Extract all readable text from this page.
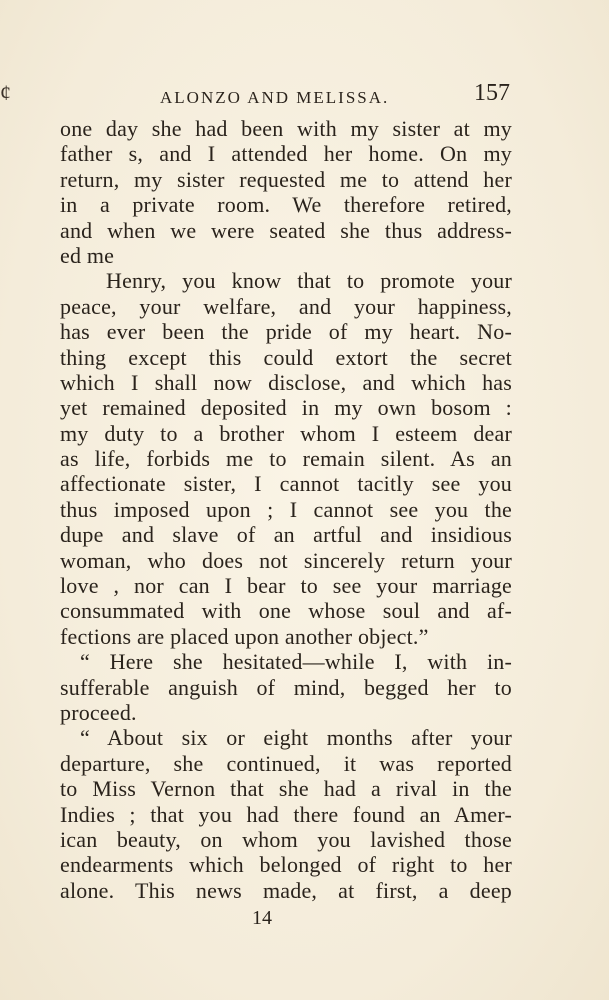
¢	ALONZO AND MELISSA.	157
one day she had been with my sister at my
father s, and I attended her home. On my
return, my sister requested me to attend her
in a private room. We therefore retired,
and when we were seated she thus address-
ed me
Henry, you know that to promote your
peace, your welfare, and your happiness,
has ever been the pride of my heart. No-
thing except this could extort the secret
which I shall now disclose, and which has
yet remained deposited in my own bosom :
my duty to a brother whom I esteem dear
as life, forbids me to remain silent. As an
affectionate sister, I cannot tacitly see you
thus imposed upon ; I cannot see you the
dupe and slave of an artful and insidious
woman, who does not sincerely return your
love , nor can I bear to see your marriage
consummated with one whose soul and af-
fections are placed upon another object.”
“ Here she hesitated—while I, with in-
sufferable anguish of mind, begged her to
proceed.
“ About six or eight months after your
departure, she continued, it was reported
to Miss Vernon that she had a rival in the
Indies ; that you had there found an Amer-
ican beauty, on whom you lavished those
endearments which belonged of right to her
alone. This news made, at first, a deep
14
